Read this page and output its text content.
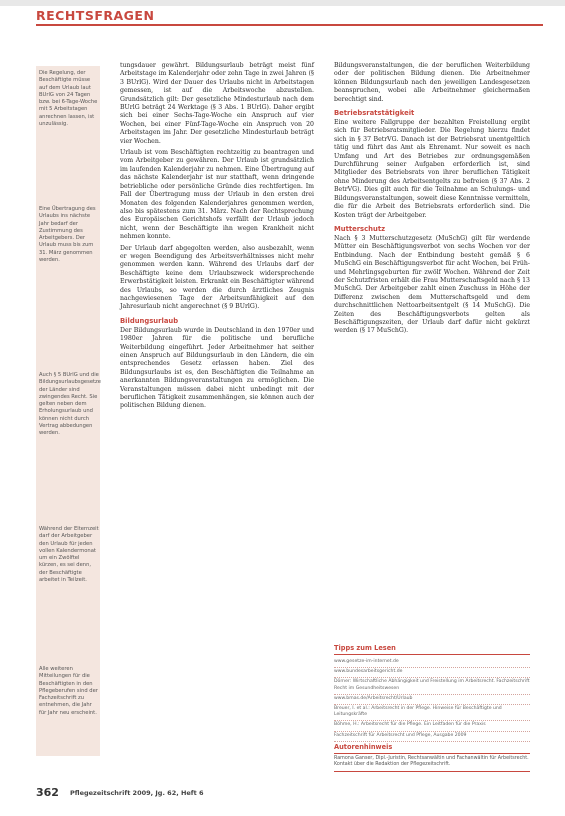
RECHTSFRAGEN
Die Regelung, der Beschäftigte müsse auf dem Urlaub laut BUrlG von 24 Tagen bzw. bei 6-Tage-Woche mit 5 Arbeitstagen anrechnen lassen, ist unzulässig.
Eine Übertragung des Urlaubs ins nächste Jahr bedarf der Zustimmung des Arbeitgebers. Der Urlaub muss bis zum 31. März genommen werden.
Auch § 5 BUrlG und die Bildungsurlaubsgesetze der Länder sind zwingendes Recht. Sie gelten neben dem Erholungsurlaub und können nicht durch Vertrag abbedungen werden.
Während der Elternzeit darf der Arbeitgeber den Urlaub für jeden vollen Kalendermonat um ein Zwölftel kürzen, es sei denn, der Beschäftigte arbeitet in Teilzeit.
Alle weiteren Mitteilungen für die Beschäftigten in den Pflegeberufen sind der Fachzeitschrift zu entnehmen, die Jahr für Jahr neu erscheint.

tungsdauer gewährt. Bildungsurlaub beträgt meist fünf Arbeitstage im Kalenderjahr oder zehn Tage in zwei Jahren (§ 3 BUrlG). Wird der Dauer des Urlaubs nicht in Arbeitstagen gemessen, ist auf die Arbeitswoche abzustellen. Grundsätzlich gilt: Der gesetzliche Mindesturlaub nach dem BUrlG beträgt 24 Werktage (§ 3 Abs. 1 BUrlG). Daher ergibt sich bei einer Sechs-Tage-Woche ein Anspruch auf vier Wochen, bei einer Fünf-Tage-Woche ein Anspruch von 20 Arbeitstagen im Jahr. Der gesetzliche Mindesturlaub beträgt vier Wochen.

Urlaub ist vom Beschäftigten rechtzeitig zu beantragen und vom Arbeitgeber zu gewähren. Der Urlaub ist grundsätzlich im laufenden Kalenderjahr zu nehmen. Eine Übertragung auf das nächste Kalenderjahr ist nur statthaft, wenn dringende betriebliche oder persönliche Gründe dies rechtfertigen. Im Fall der Übertragung muss der Urlaub in den ersten drei Monaten des folgenden Kalenderjahres genommen werden, also bis spätestens zum 31. März. Nach der Rechtsprechung des Europäischen Gerichtshofs verfällt der Urlaub jedoch nicht, wenn der Beschäftigte ihn wegen Krankheit nicht nehmen konnte.

Der Urlaub darf abgegolten werden, also ausbezahlt, wenn er wegen Beendigung des Arbeitsverhältnisses nicht mehr genommen werden kann. Während des Urlaubs darf der Beschäftigte keine dem Urlaubszweck widersprechende Erwerbstätigkeit leisten. Erkrankt ein Beschäftigter während des Urlaubs, so werden die durch ärztliches Zeugnis nachgewiesenen Tage der Arbeitsunfähigkeit auf den Jahresurlaub nicht angerechnet (§ 9 BUrlG).

Bildungsurlaub

Der Bildungsurlaub wurde in Deutschland in den 1970er und 1980er Jahren für die politische und berufliche Weiterbildung eingeführt. Jeder Arbeitnehmer hat seither einen Anspruch auf Bildungsurlaub in den Ländern, die ein entsprechendes Gesetz erlassen haben. Ziel des Bildungsurlaubs ist es, den Beschäftigten die Teilnahme an anerkannten Bildungsveranstaltungen zu ermöglichen. Die Veranstaltungen müssen dabei nicht unbedingt mit der beruflichen Tätigkeit zusammenhängen, sie können auch der politischen Bildung dienen.

Bildungsveranstaltungen, die der beruflichen Weiterbildung oder der politischen Bildung dienen. Die Arbeitnehmer können Bildungsurlaub nach den jeweiligen Landesgesetzen beanspruchen, wobei alle Arbeitnehmer gleichermaßen berechtigt sind.

Betriebsratstätigkeit

Eine weitere Fallgruppe der bezahlten Freistellung ergibt sich für Betriebsratsmitglieder. Die Regelung hierzu findet sich in § 37 BetrVG. Danach ist der Betriebsrat unentgeltlich tätig und führt das Amt als Ehrenamt. Nur soweit es nach Umfang und Art des Betriebes zur ordnungsgemäßen Durchführung seiner Aufgaben erforderlich ist, sind Mitglieder des Betriebsrats von ihrer beruflichen Tätigkeit ohne Minderung des Arbeitsentgelts zu befreien (§ 37 Abs. 2 BetrVG). Dies gilt auch für die Teilnahme an Schulungs- und Bildungsveranstaltungen, soweit diese Kenntnisse vermitteln, die für die Arbeit des Betriebsrats erforderlich sind. Die Kosten trägt der Arbeitgeber.

Mutterschutz

Nach § 3 Mutterschutzgesetz (MuSchG) gilt für werdende Mütter ein Beschäftigungsverbot von sechs Wochen vor der Entbindung. Nach der Entbindung besteht gemäß § 6 MuSchG ein Beschäftigungsverbot für acht Wochen, bei Früh- und Mehrlingsgeburten für zwölf Wochen. Während der Zeit der Schutzfristen erhält die Frau Mutterschaftsgeld nach § 13 MuSchG. Der Arbeitgeber zahlt einen Zuschuss in Höhe der Differenz zwischen dem Mutterschaftsgeld und dem durchschnittlichen Nettoarbeitsentgelt (§ 14 MuSchG). Die Zeiten des Beschäftigungsverbots gelten als Beschäftigungszeiten, der Urlaub darf dafür nicht gekürzt werden (§ 17 MuSchG).

Tipps zum Lesen
www.gesetze-im-internet.de
www.bundesarbeitsgericht.de
Dörner: Wirtschaftliche Abhängigkeit und Freistellung im Arbeitsrecht. Fachzeitschrift Recht im Gesundheitswesen
www.bmas.de/Arbeitsrecht/Urlaub
Breuer, I. et al.: Arbeitsrecht in der Pflege. Hinweise für Beschäftigte und Leitungskräfte
Böhme, H.: Arbeitsrecht für die Pflege. Ein Leitfaden für die Praxis
Fachzeitschrift für Arbeitsrecht und Pflege, Ausgabe 2009
Autorenhinweis
Ramona Ganser, Dipl.-Juristin, Rechtsanwältin und Fachanwältin für Arbeitsrecht. Kontakt über die Redaktion der Pflegezeitschrift.
362 Pflegezeitschrift 2009, Jg. 62, Heft 6
